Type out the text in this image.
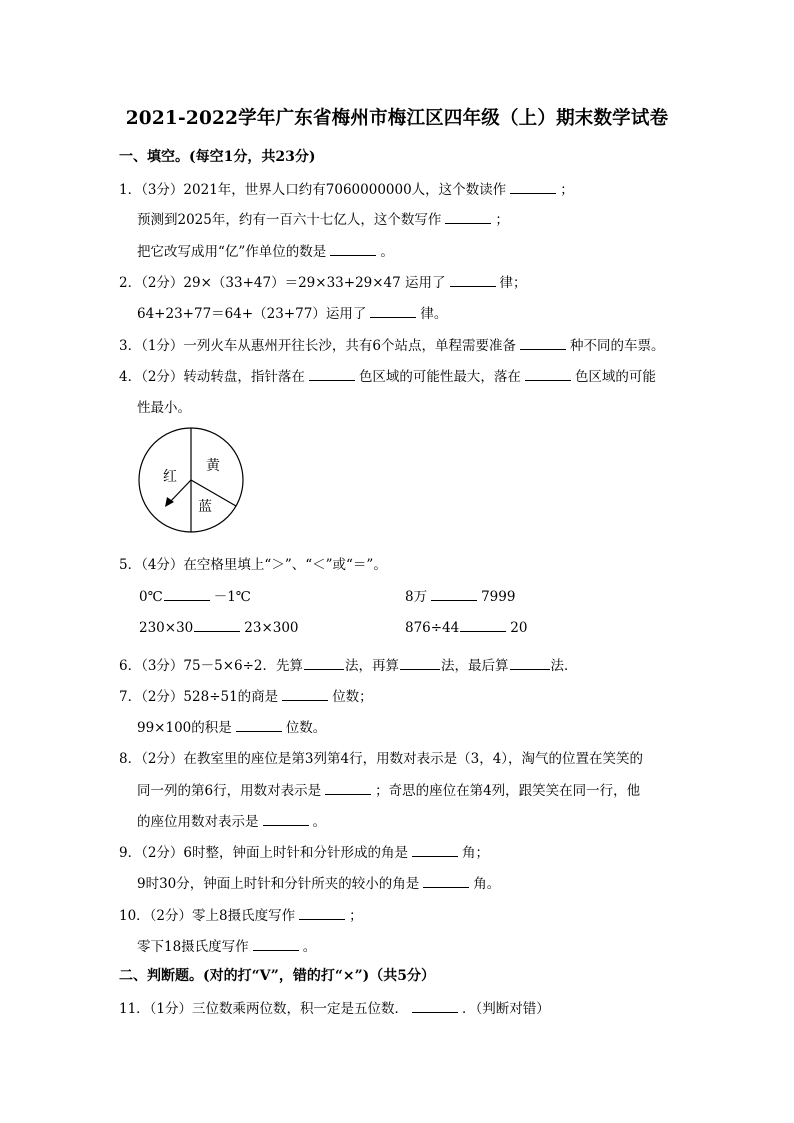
2021-2022学年广东省梅州市梅江区四年级（上）期末数学试卷
一、填空。(每空1分，共23分)
1．（3分）2021年，世界人口约有7060000000人，这个数读作	；
预测到2025年，约有一百六十七亿人，这个数写作	；
把它改写成用“亿”作单位的数是	。
2．（2分）29×（33+47）＝29×33+29×47 运用了	律；
64+23+77＝64+（23+77）运用了	律。
3．（1分）一列火车从惠州开往长沙，共有6个站点，单程需要准备	种不同的车票。
4．（2分）转动转盘，指针落在	色区域的可能性最大，落在	色区域的可能
性最小。
黄
红
蓝
5．（4分）在空格里填上“＞”、“＜”或“＝”。
0℃	－1℃	8万	7999
230×30	23×300	876÷44	20
6．（3分）75－5×6÷2．先算	法，再算	法，最后算	法．
7．（2分）528÷51的商是	位数；
99×100的积是	位数。
8．（2分）在教室里的座位是第3列第4行，用数对表示是（3，4），淘气的位置在笑笑的
同一列的第6行，用数对表示是	；奇思的座位在第4列，跟笑笑在同一行，他
的座位用数对表示是	。
9．（2分）6时整，钟面上时针和分针形成的角是	角；
9时30分，钟面上时针和分针所夹的较小的角是	角。
10．（2分）零上8摄氏度写作	；
零下18摄氏度写作	。
二、判断题。(对的打“V”，错的打“×”)（共5分）
11．（1分）三位数乘两位数，积一定是五位数．	．（判断对错）
